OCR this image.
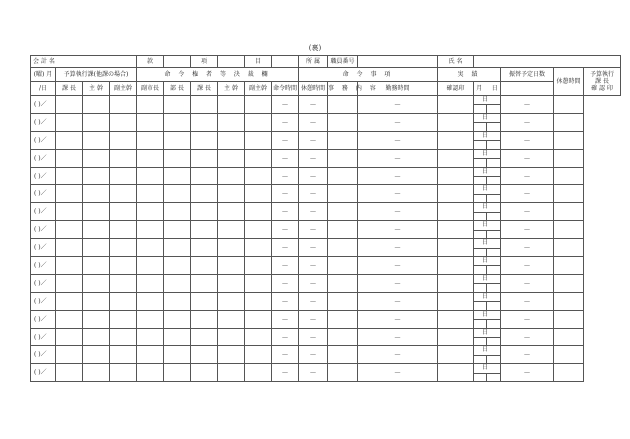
(裏)
会 計 名				款		項		目		所 属	職員番号		氏 名				
(曜) 月	予算執行課(他課の場合)			命 令 権 者 等 決 裁 欄						命 令 事 項			実 績		振替予定日数	休憩時間	予算執行
課 長
確 認 印

/日	課 長	主 幹	副主幹	副市長	部 長	課 長	主 幹	副主幹	命令時間	休憩時間	事 務 内 容	勤務時間	確認印	月 日			
( )／									—	—		—		日	—		
( )／									—	—		—		日	—		
( )／									—	—		—		日	—		
( )／									—	—		—		日	—		
( )／									—	—		—		日	—		
( )／									—	—		—		日	—		
( )／									—	—		—		日	—		
( )／									—	—		—		日	—		
( )／									—	—		—		日	—		
( )／									—	—		—		日	—		
( )／									—	—		—		日	—		
( )／									—	—		—		日	—		
( )／									—	—		—		日	—		
( )／									—	—		—		日	—		
( )／									—	—		—		日	—		
( )／									—	—		—		日	—		
